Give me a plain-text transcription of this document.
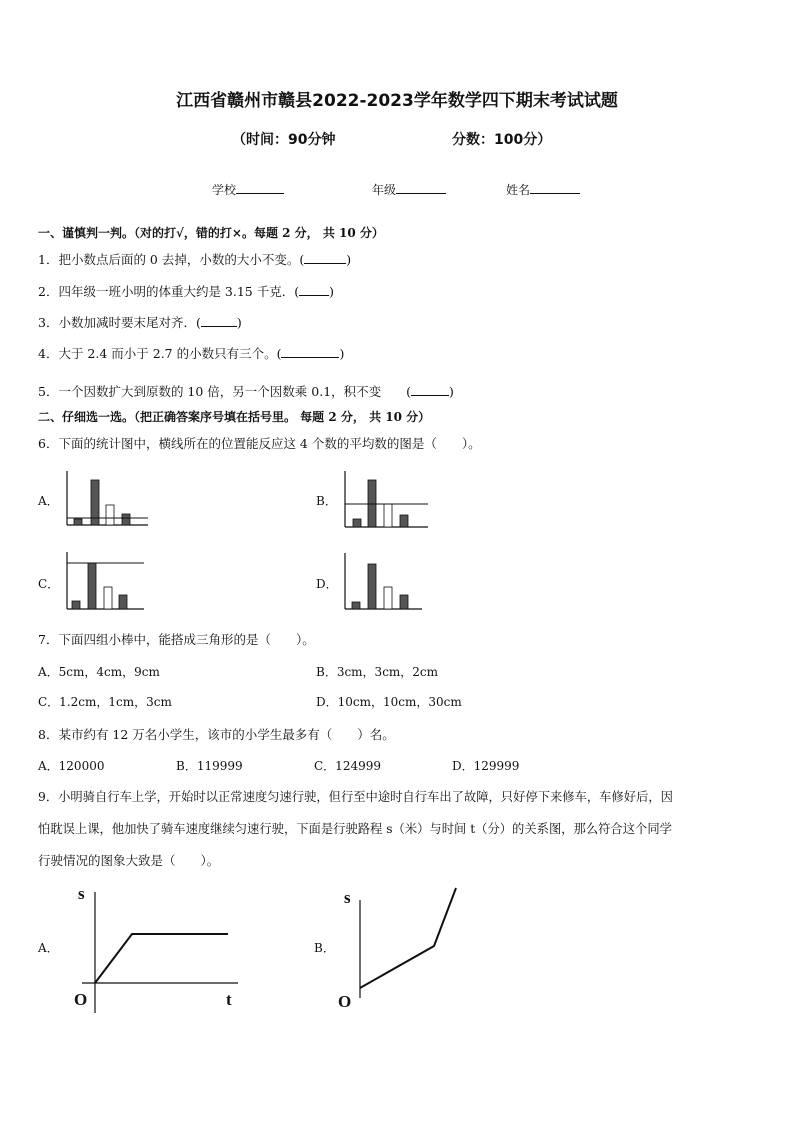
江西省赣州市赣县2022-2023学年数学四下期末考试试题
（时间：90分钟	分数：100分）
学校	年级	姓名
一、谨慎判一判。（对的打√，错的打×。每题 2 分， 共 10 分）
1．把小数点后面的 0 去掉，小数的大小不变。(	)
2．四年级一班小明的体重大约是 3.15 千克．( )
3．小数加减时要末尾对齐．(	)
4．大于 2.4 而小于 2.7 的小数只有三个。(	)
5．一个因数扩大到原数的 10 倍，另一个因数乘 0.1，积不变　　(	)
二、仔细选一选。（把正确答案序号填在括号里。 每题 2 分， 共 10 分）
6．下面的统计图中，横线所在的位置能反应这 4 个数的平均数的图是（　　）。
A．	B．
C．	D．
7．下面四组小棒中，能搭成三角形的是（　　）。
A．5cm，4cm，9cm	B．3cm，3cm，2cm
C．1.2cm，1cm，3cm	D．10cm，10cm，30cm
8．某市约有 12 万名小学生，该市的小学生最多有（　　）名。
A．120000	B．119999	C．124999	D．129999
9．小明骑自行车上学，开始时以正常速度匀速行驶，但行至中途时自行车出了故障，只好停下来修车，车修好后，因
怕耽误上课，他加快了骑车速度继续匀速行驶，下面是行驶路程 s（米）与时间 t（分）的关系图，那么符合这个同学
行驶情况的图象大致是（　　）。
A．
s
O	t
B．
s
O
